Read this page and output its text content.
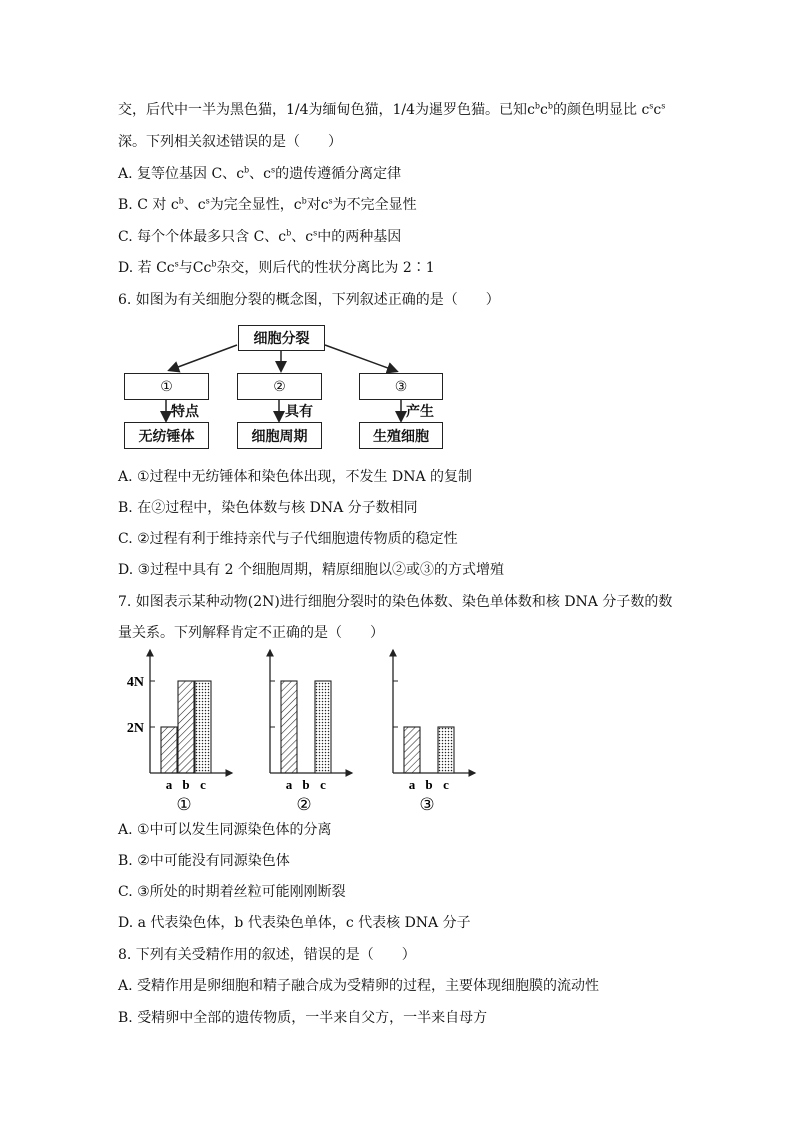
交，后代中一半为黑色猫，1/4为缅甸色猫，1/4为暹罗色猫。已知$c^bc^b$的颜色明显比 $c^sc^s$
深。下列相关叙述错误的是（　　）
A. 复等位基因 C、$c^b$、$c^s$的遗传遵循分离定律
B. C 对 $c^b$、$c^s$为完全显性，$c^b$对$c^s$为不完全显性
C. 每个个体最多只含 C、$c^b$、$c^s$中的两种基因
D. 若 Cc$^s$与Cc$^b$杂交，则后代的性状分离比为 2∶1
6. 如图为有关细胞分裂的概念图，下列叙述正确的是（　　）
细胞分裂
①	②	③
特点	具有	产生
无纺锤体	细胞周期	生殖细胞
A. ①过程中无纺锤体和染色体出现，不发生 DNA 的复制
B. 在②过程中，染色体数与核 DNA 分子数相同
C. ②过程有利于维持亲代与子代细胞遗传物质的稳定性
D. ③过程中具有 2 个细胞周期，精原细胞以②或③的方式增殖
7. 如图表示某种动物(2N)进行细胞分裂时的染色体数、染色单体数和核 DNA 分子数的数
量关系。下列解释肯定不正确的是（　　）
2N
4N
a b c
①
a b c
②
a b c
③
A. ①中可以发生同源染色体的分离
B. ②中可能没有同源染色体
C. ③所处的时期着丝粒可能刚刚断裂
D. a 代表染色体，b 代表染色单体，c 代表核 DNA 分子
8. 下列有关受精作用的叙述，错误的是（　　）
A. 受精作用是卵细胞和精子融合成为受精卵的过程，主要体现细胞膜的流动性
B. 受精卵中全部的遗传物质，一半来自父方，一半来自母方
